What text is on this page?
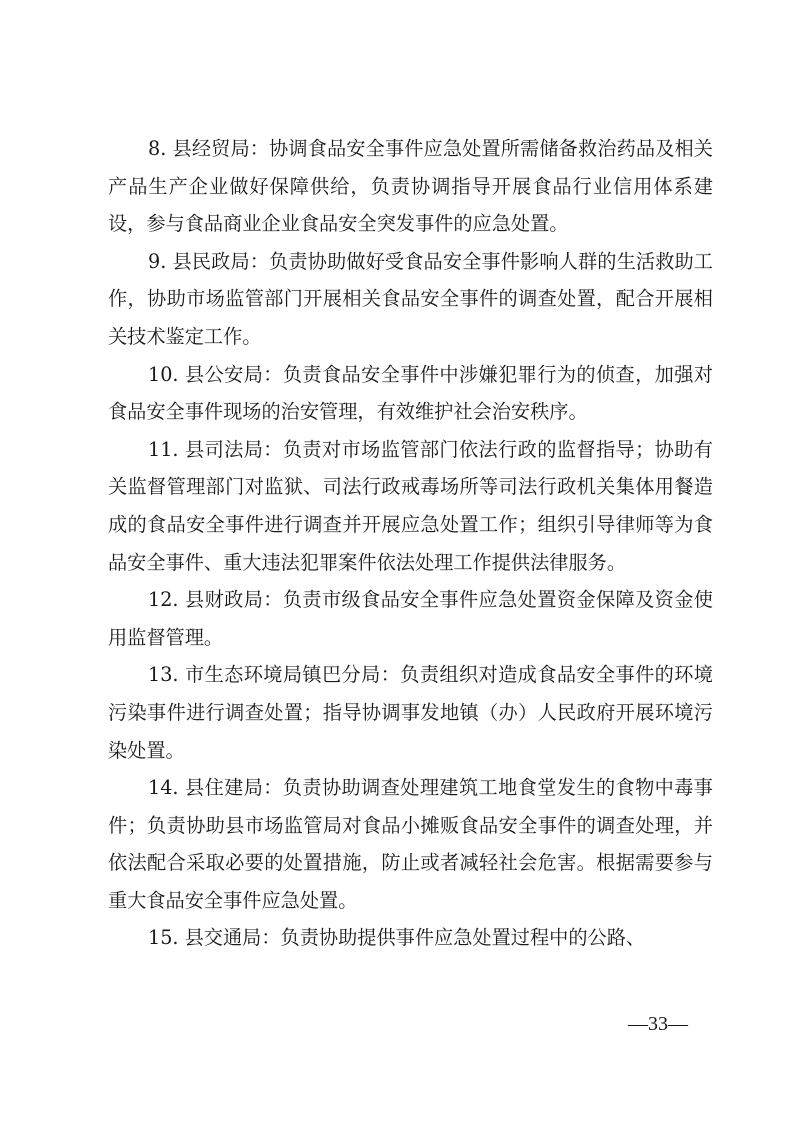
8. 县经贸局：协调食品安全事件应急处置所需储备救治药品及相关产品生产企业做好保障供给，负责协调指导开展食品行业信用体系建设，参与食品商业企业食品安全突发事件的应急处置。

9. 县民政局：负责协助做好受食品安全事件影响人群的生活救助工作，协助市场监管部门开展相关食品安全事件的调查处置，配合开展相关技术鉴定工作。

10. 县公安局：负责食品安全事件中涉嫌犯罪行为的侦查，加强对食品安全事件现场的治安管理，有效维护社会治安秩序。

11. 县司法局：负责对市场监管部门依法行政的监督指导；协助有关监督管理部门对监狱、司法行政戒毒场所等司法行政机关集体用餐造成的食品安全事件进行调查并开展应急处置工作；组织引导律师等为食品安全事件、重大违法犯罪案件依法处理工作提供法律服务。

12. 县财政局：负责市级食品安全事件应急处置资金保障及资金使用监督管理。

13. 市生态环境局镇巴分局：负责组织对造成食品安全事件的环境污染事件进行调查处置；指导协调事发地镇（办）人民政府开展环境污染处置。

14. 县住建局：负责协助调查处理建筑工地食堂发生的食物中毒事件；负责协助县市场监管局对食品小摊贩食品安全事件的调查处理，并依法配合采取必要的处置措施，防止或者减轻社会危害。根据需要参与重大食品安全事件应急处置。

15. 县交通局：负责协助提供事件应急处置过程中的公路、

—33—
